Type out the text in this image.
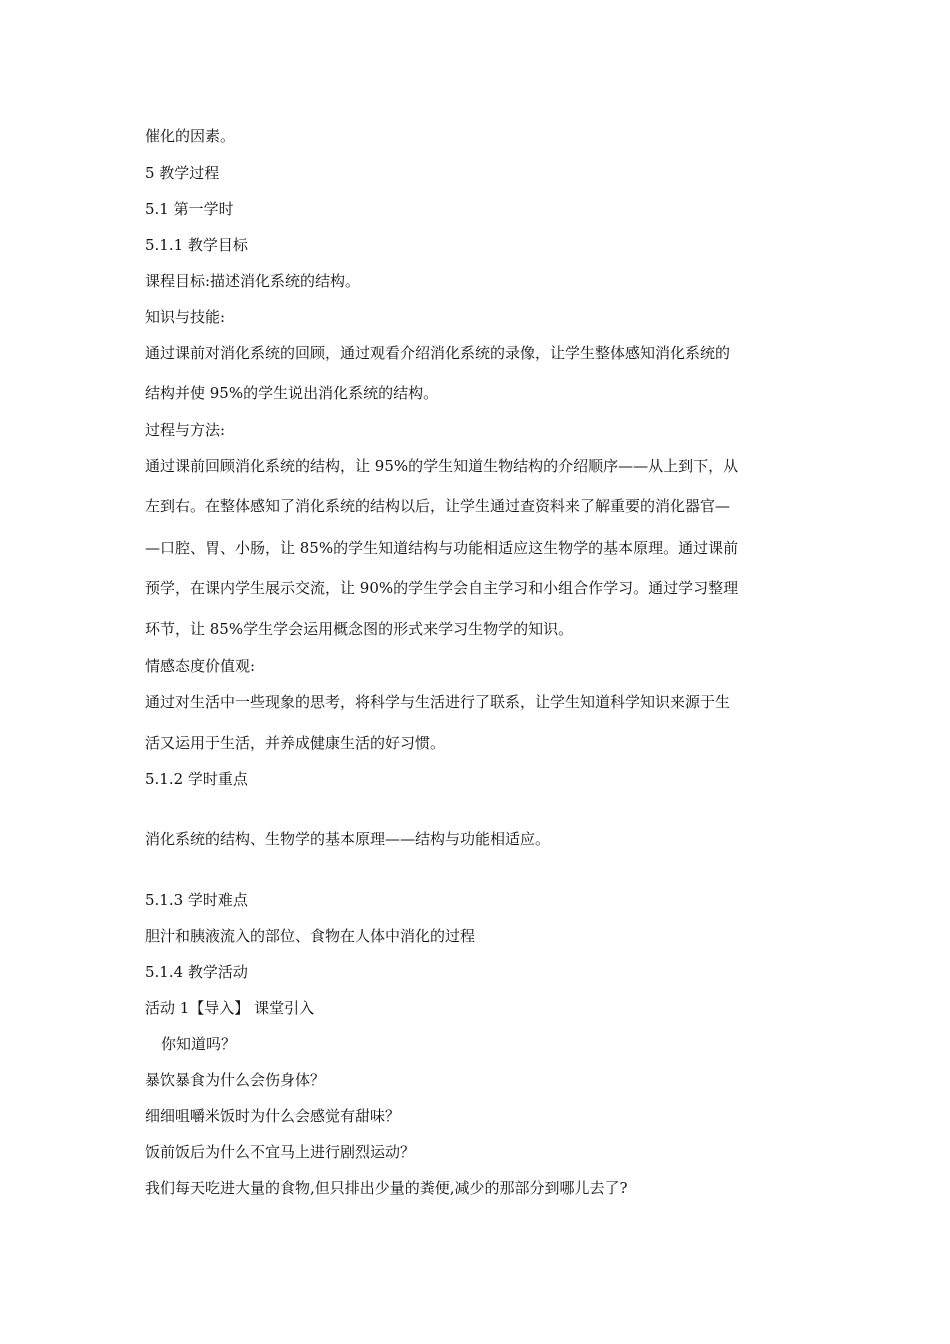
催化的因素。
5 教学过程
5.1 第一学时
5.1.1 教学目标
课程目标:描述消化系统的结构。
知识与技能:
通过课前对消化系统的回顾，通过观看介绍消化系统的录像，让学生整体感知消化系统的
结构并使 95%的学生说出消化系统的结构。
过程与方法:
通过课前回顾消化系统的结构，让 95%的学生知道生物结构的介绍顺序——从上到下，从
左到右。在整体感知了消化系统的结构以后，让学生通过查资料来了解重要的消化器官—
—口腔、胃、小肠，让 85%的学生知道结构与功能相适应这生物学的基本原理。通过课前
预学，在课内学生展示交流，让 90%的学生学会自主学习和小组合作学习。通过学习整理
环节，让 85%学生学会运用概念图的形式来学习生物学的知识。
情感态度价值观:
通过对生活中一些现象的思考，将科学与生活进行了联系，让学生知道科学知识来源于生
活又运用于生活，并养成健康生活的好习惯。
5.1.2 学时重点
消化系统的结构、生物学的基本原理——结构与功能相适应。
5.1.3 学时难点
胆汁和胰液流入的部位、食物在人体中消化的过程
5.1.4 教学活动
活动 1【导入】 课堂引入
你知道吗？
暴饮暴食为什么会伤身体？
细细咀嚼米饭时为什么会感觉有甜味？
饭前饭后为什么不宜马上进行剧烈运动？
我们每天吃进大量的食物,但只排出少量的粪便,减少的那部分到哪儿去了?
